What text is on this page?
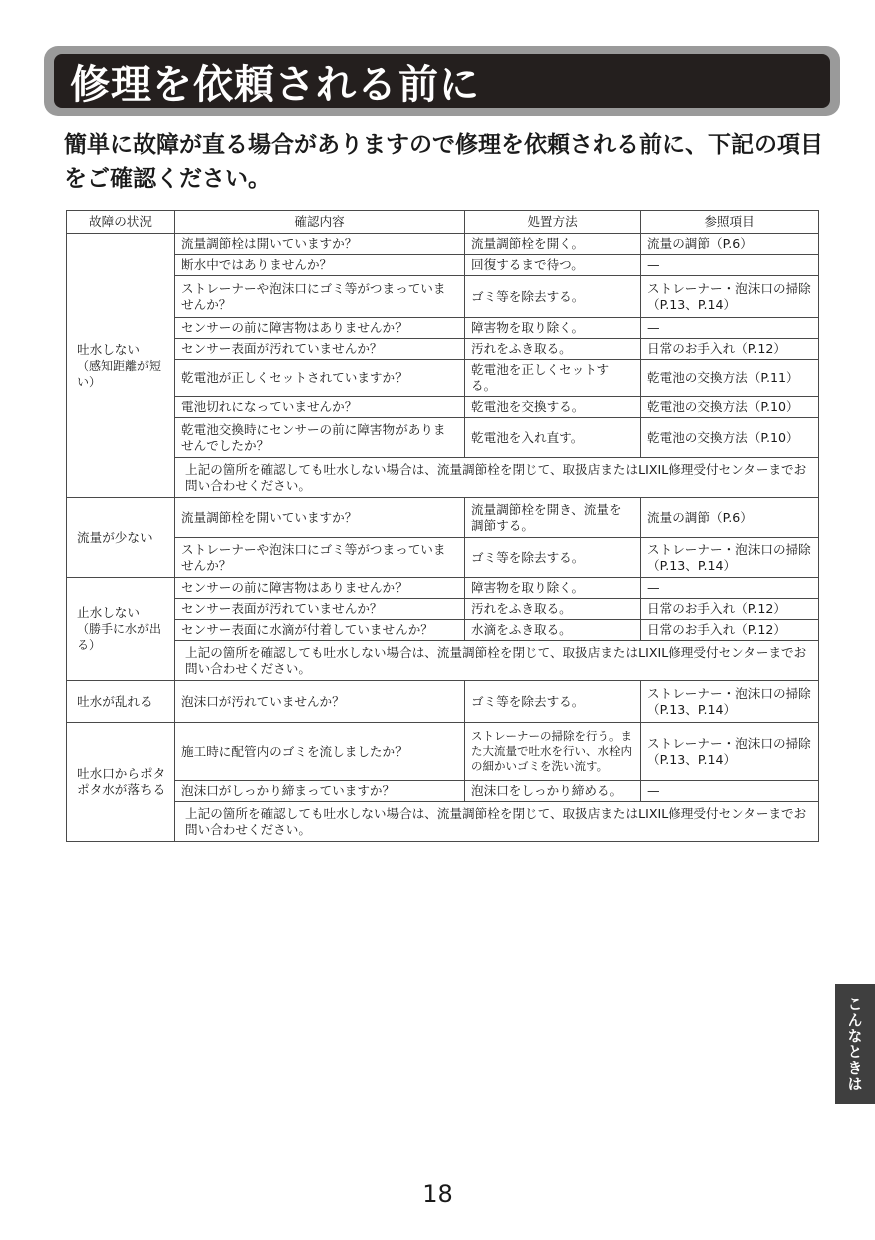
修理を依頼される前に
簡単に故障が直る場合がありますので修理を依頼される前に、下記の項目をご確認ください。
故障の状況	確認内容	処置方法	参照項目

吐水しない
（感知距離が短い）	流量調節栓は開いていますか？	流量調節栓を開く。	流量の調節（P.6）
	断水中ではありませんか？	回復するまで待つ。	—
	ストレーナーや泡沫口にゴミ等がつまっていませんか？	ゴミ等を除去する。	ストレーナー・泡沫口の掃除（P.13、P.14）
	センサーの前に障害物はありませんか？	障害物を取り除く。	—
	センサー表面が汚れていませんか？	汚れをふき取る。	日常のお手入れ（P.12）
	乾電池が正しくセットされていますか？	乾電池を正しくセットする。	乾電池の交換方法（P.11）
	電池切れになっていませんか？	乾電池を交換する。	乾電池の交換方法（P.10）
	乾電池交換時にセンサーの前に障害物がありませんでしたか？	乾電池を入れ直す。	乾電池の交換方法（P.10）
	上記の箇所を確認しても吐水しない場合は、流量調節栓を閉じて、取扱店またはLIXIL修理受付センターまでお問い合わせください。		

流量が少ない	流量調節栓を開いていますか？	流量調節栓を開き、流量を調節する。	流量の調節（P.6）
	ストレーナーや泡沫口にゴミ等がつまっていませんか？	ゴミ等を除去する。	ストレーナー・泡沫口の掃除（P.13、P.14）

止水しない
（勝手に水が出る）	センサーの前に障害物はありませんか？	障害物を取り除く。	—
	センサー表面が汚れていませんか？	汚れをふき取る。	日常のお手入れ（P.12）
	センサー表面に水滴が付着していませんか？	水滴をふき取る。	日常のお手入れ（P.12）
	上記の箇所を確認しても吐水しない場合は、流量調節栓を閉じて、取扱店またはLIXIL修理受付センターまでお問い合わせください。		

吐水が乱れる	泡沫口が汚れていませんか？	ゴミ等を除去する。	ストレーナー・泡沫口の掃除（P.13、P.14）

吐水口からポタポタ水が落ちる	施工時に配管内のゴミを流しましたか？	ストレーナーの掃除を行う。また大流量で吐水を行い、水栓内の細かいゴミを洗い流す。	ストレーナー・泡沫口の掃除（P.13、P.14）
	泡沫口がしっかり締まっていますか？	泡沫口をしっかり締める。	—
	上記の箇所を確認しても吐水しない場合は、流量調節栓を閉じて、取扱店またはLIXIL修理受付センターまでお問い合わせください。		
こんなときは
18
